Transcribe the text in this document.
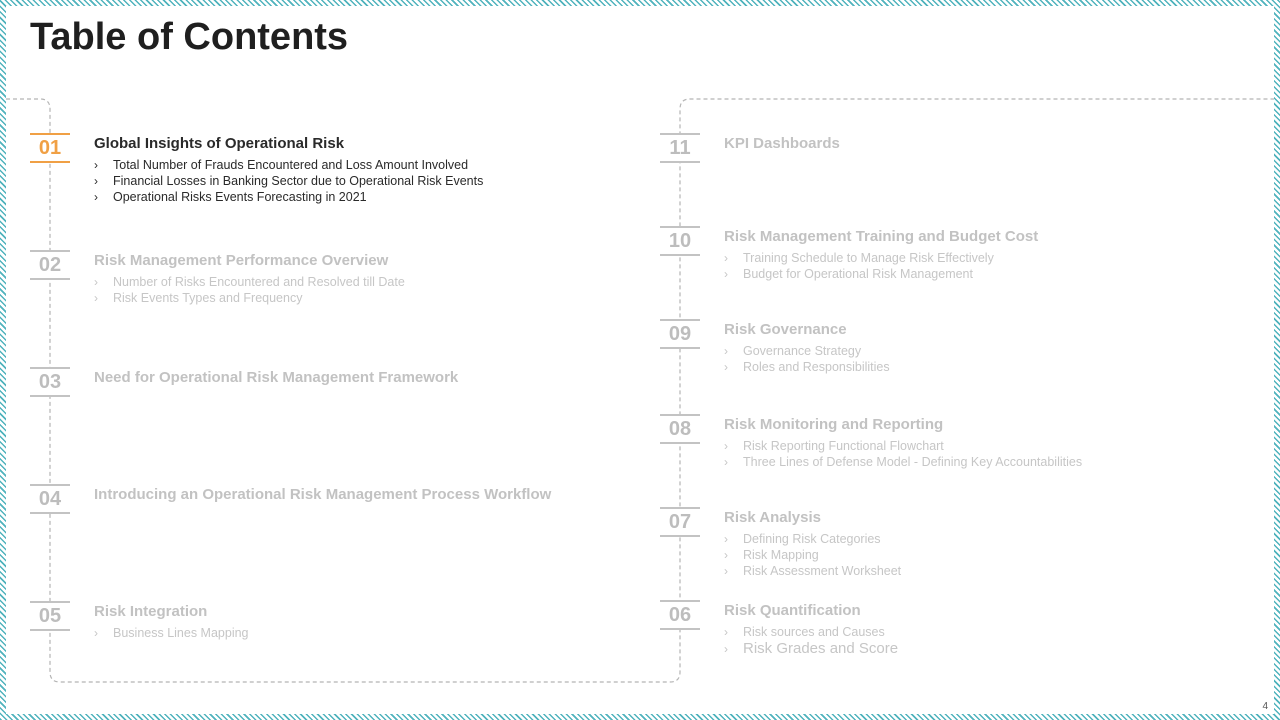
Table of Contents
01	Global Insights of Operational Risk
› Total Number of Frauds Encountered and Loss Amount Involved
› Financial Losses in Banking Sector due to Operational Risk Events
› Operational Risks Events Forecasting in 2021
02	Risk Management Performance Overview
› Number of Risks Encountered and Resolved till Date
› Risk Events Types and Frequency
03	Need for Operational Risk Management Framework
04	Introducing an Operational Risk Management Process Workflow
05	Risk Integration
› Business Lines Mapping
11	KPI Dashboards
10	Risk Management Training and Budget Cost
› Training Schedule to Manage Risk Effectively
› Budget for Operational Risk Management
09	Risk Governance
› Governance Strategy
› Roles and Responsibilities
08	Risk Monitoring and Reporting
› Risk Reporting Functional Flowchart
› Three Lines of Defense Model - Defining Key Accountabilities
07	Risk Analysis
› Defining Risk Categories
› Risk Mapping
› Risk Assessment Worksheet
06	Risk Quantification
› Risk sources and Causes
› Risk Grades and Score
4
